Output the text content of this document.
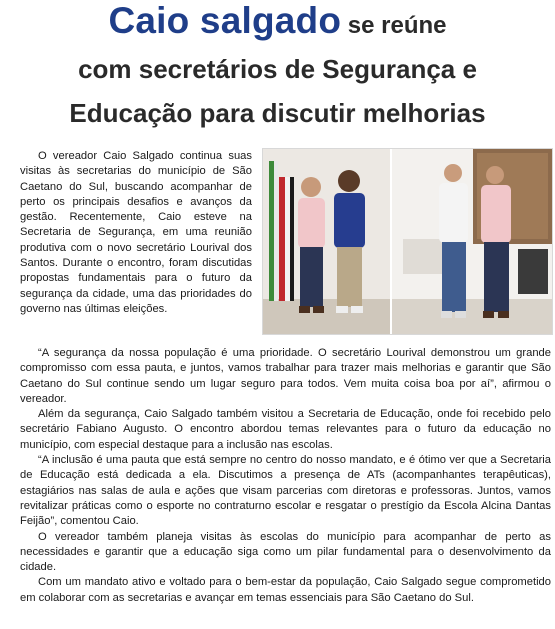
Caio salgado se reúne
com secretários de Segurança e
Educação para discutir melhorias

O vereador Caio Salgado continua suas visitas às secretarias do município de São Caetano do Sul, buscando acompanhar de perto os principais desafios e avanços da gestão. Recentemente, Caio esteve na Secretaria de Segurança, em uma reunião produtiva com o novo secretário Lourival dos Santos. Durante o encontro, foram discutidas propostas fundamentais para o futuro da segurança da cidade, uma das prioridades do governo nas últimas eleições.

“A segurança da nossa população é uma prioridade. O secretário Lourival demonstrou um grande compromisso com essa pauta, e juntos, vamos trabalhar para trazer mais melhorias e garantir que São Caetano do Sul continue sendo um lugar seguro para todos. Vem muita coisa boa por aí”, afirmou o vereador.

Além da segurança, Caio Salgado também visitou a Secretaria de Educação, onde foi recebido pelo secretário Fabiano Augusto. O encontro abordou temas relevantes para o futuro da educação no município, com especial destaque para a inclusão nas escolas.

“A inclusão é uma pauta que está sempre no centro do nosso mandato, e é ótimo ver que a Secretaria de Educação está dedicada a ela. Discutimos a presença de ATs (acompanhantes terapêuticas), estagiários nas salas de aula e ações que visam parcerias com diretoras e professoras. Juntos, vamos revitalizar práticas como o esporte no contraturno escolar e resgatar o prestígio da Escola Alcina Dantas Feijão”, comentou Caio.

O vereador também planeja visitas às escolas do município para acompanhar de perto as necessidades e garantir que a educação siga como um pilar fundamental para o desenvolvimento da cidade.

Com um mandato ativo e voltado para o bem-estar da população, Caio Salgado segue comprometido em colaborar com as secretarias e avançar em temas essenciais para São Caetano do Sul.
